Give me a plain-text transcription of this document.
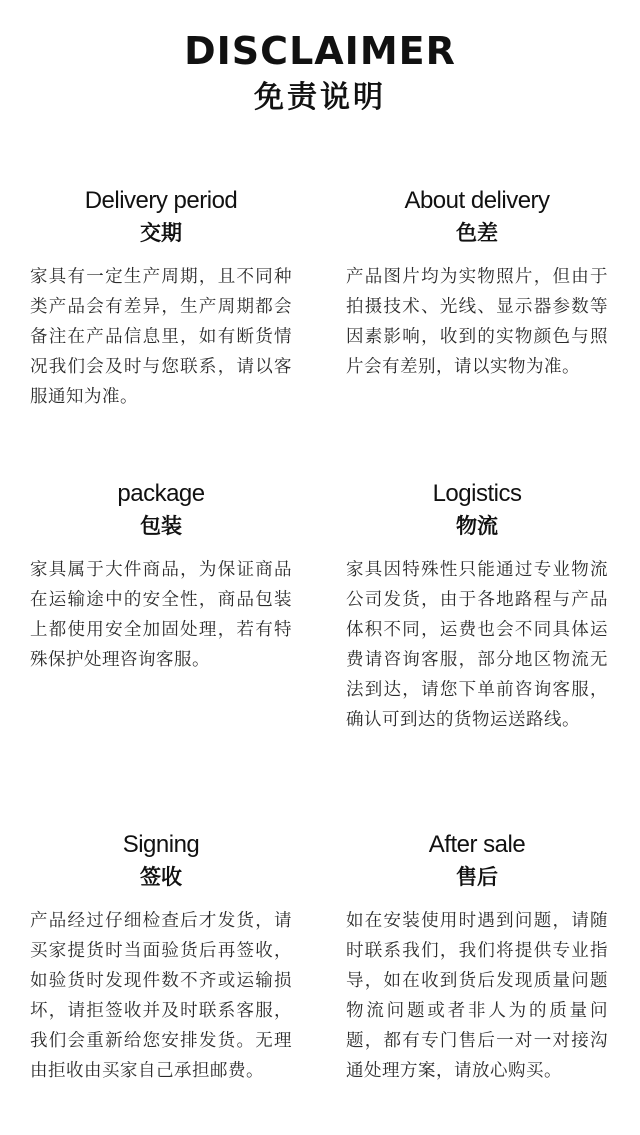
DISCLAIMER
免责说明
Delivery period
交期
家具有一定生产周期，且不同种类产品会有差异，生产周期都会备注在产品信息里，如有断货情况我们会及时与您联系，请以客服通知为准。
About delivery
色差
产品图片均为实物照片，但由于拍摄技术、光线、显示器参数等因素影响，收到的实物颜色与照片会有差别，请以实物为准。
package
包装
家具属于大件商品，为保证商品在运输途中的安全性，商品包装上都使用安全加固处理，若有特殊保护处理咨询客服。
Logistics
物流
家具因特殊性只能通过专业物流公司发货，由于各地路程与产品体积不同，运费也会不同具体运费请咨询客服，部分地区物流无法到达，请您下单前咨询客服，确认可到达的货物运送路线。
Signing
签收
产品经过仔细检查后才发货，请买家提货时当面验货后再签收，如验货时发现件数不齐或运输损坏，请拒签收并及时联系客服，我们会重新给您安排发货。无理由拒收由买家自己承担邮费。
After sale
售后
如在安装使用时遇到问题，请随时联系我们，我们将提供专业指导，如在收到货后发现质量问题物流问题或者非人为的质量问题，都有专门售后一对一对接沟通处理方案，请放心购买。
